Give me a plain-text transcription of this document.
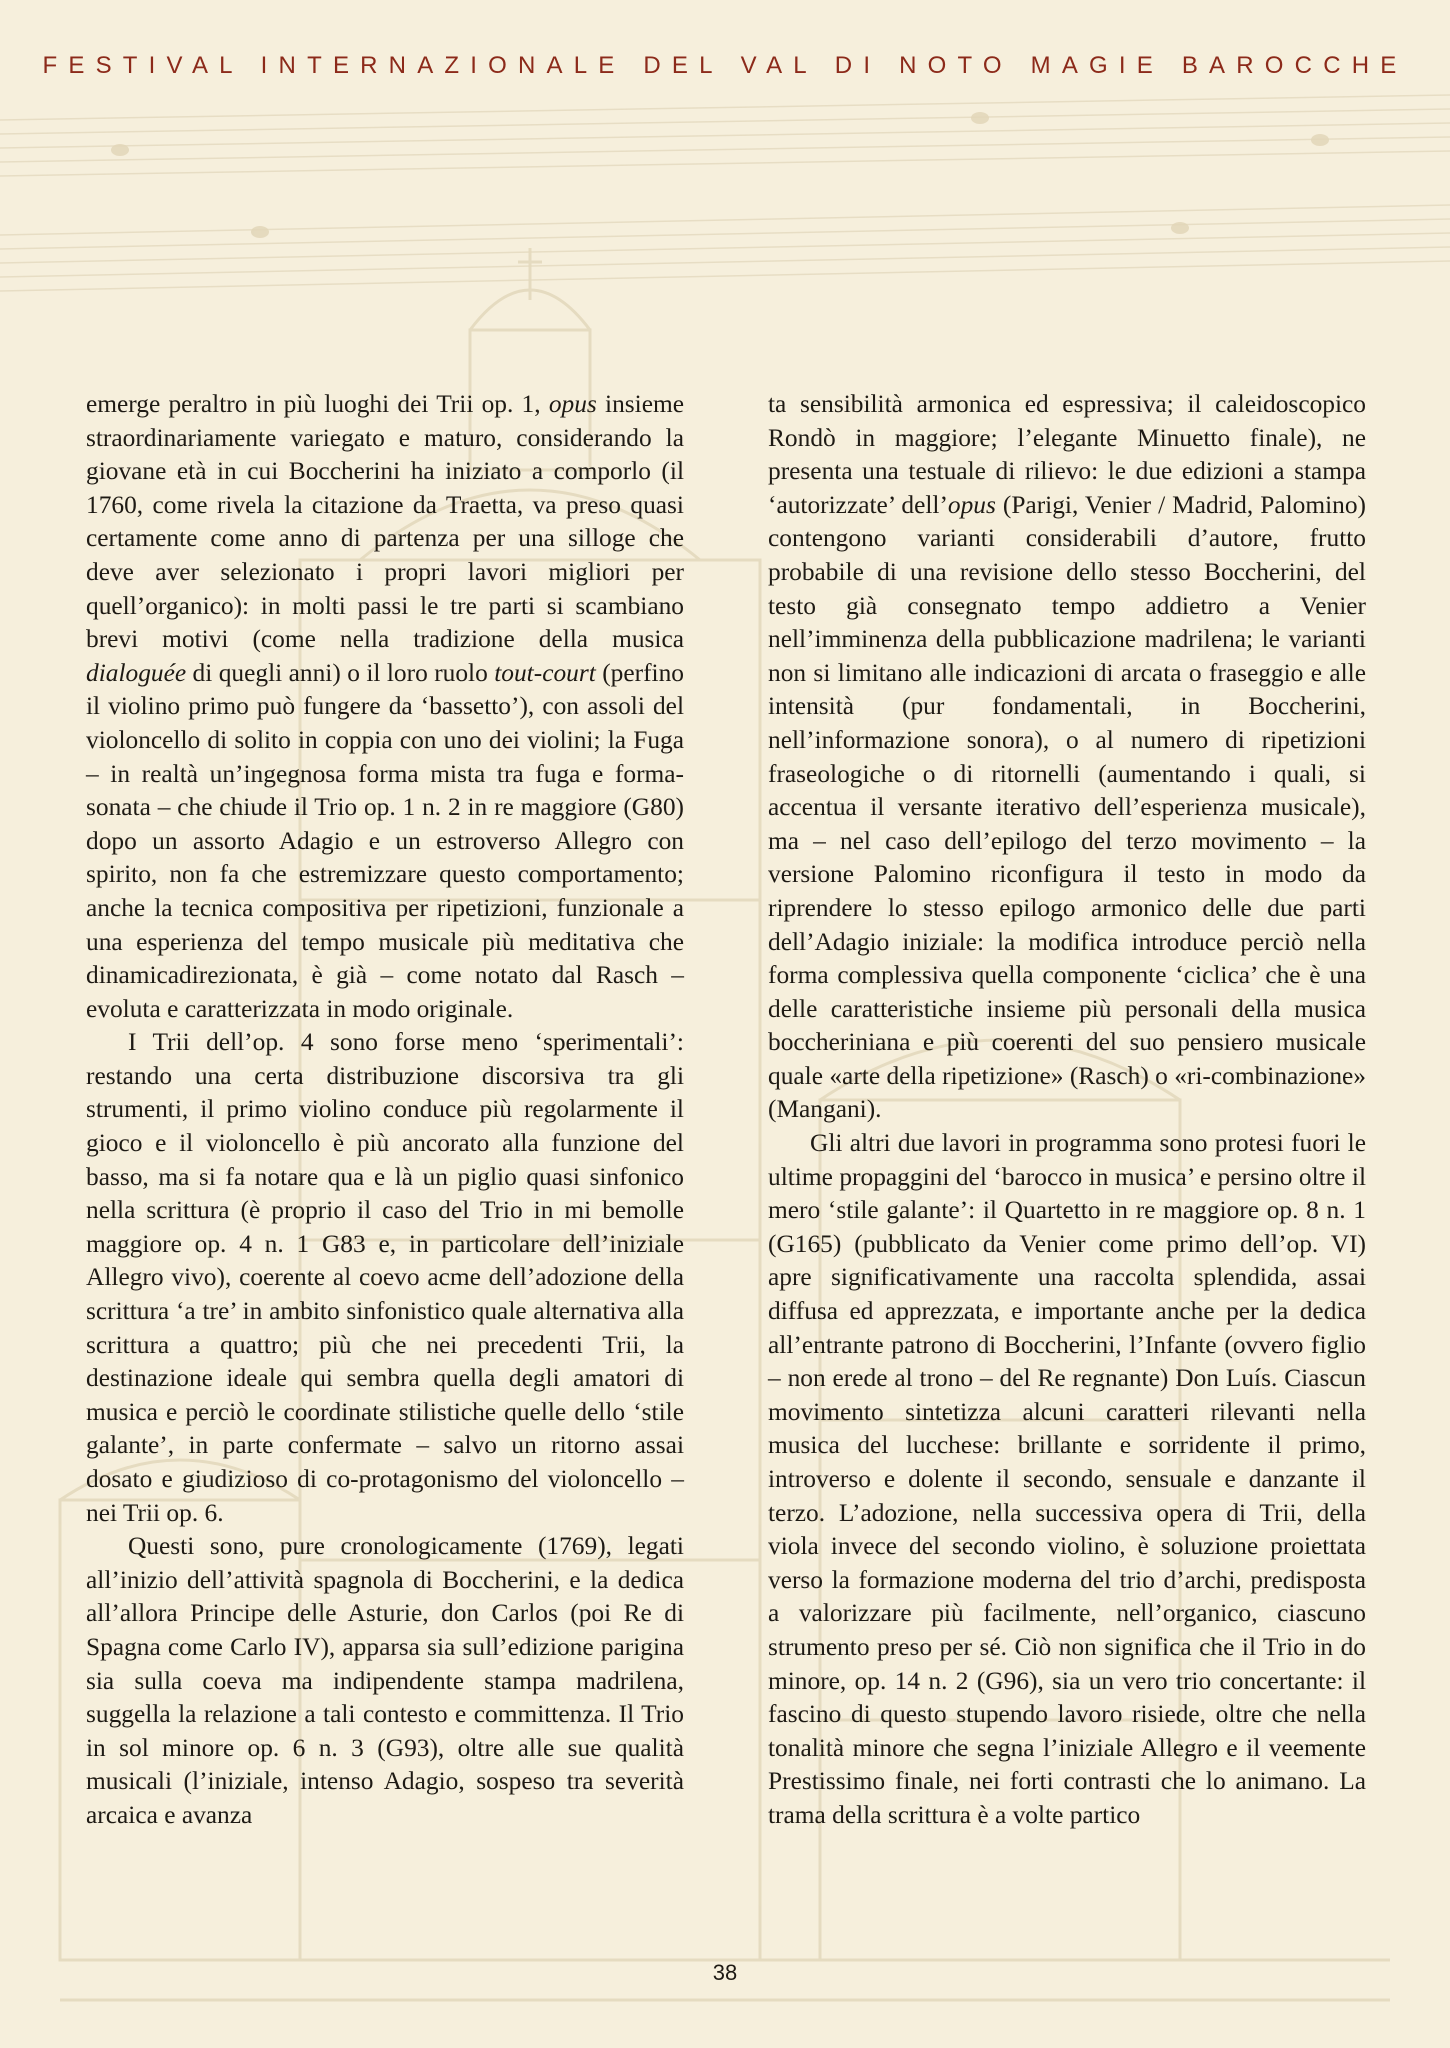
FESTIVAL INTERNAZIONALE DEL VAL DI NOTO MAGIE BAROCCHE

emerge peraltro in più luoghi dei Trii op. 1, opus insieme straordinariamente variegato e maturo, considerando la giovane età in cui Boccherini ha iniziato a comporlo (il 1760, come rivela la citazione da Traetta, va preso quasi certamente come anno di partenza per una silloge che deve aver selezionato i propri lavori migliori per quell’organico): in molti passi le tre parti si scambiano brevi motivi (come nella tradizione della musica dialoguée di quegli anni) o il loro ruolo tout-court (perfino il violino primo può fungere da ‘bassetto’), con assoli del violoncello di solito in coppia con uno dei violini; la Fuga – in realtà un’ingegnosa forma mista tra fuga e forma-sonata – che chiude il Trio op. 1 n. 2 in re maggiore (G80) dopo un assorto Adagio e un estroverso Allegro con spirito, non fa che estremizzare questo comportamento; anche la tecnica compositiva per ripetizioni, funzionale a una esperienza del tempo musicale più meditativa che dinamicadirezionata, è già – come notato dal Rasch – evoluta e caratterizzata in modo originale.

I Trii dell’op. 4 sono forse meno ‘sperimentali’: restando una certa distribuzione discorsiva tra gli strumenti, il primo violino conduce più regolarmente il gioco e il violoncello è più ancorato alla funzione del basso, ma si fa notare qua e là un piglio quasi sinfonico nella scrittura (è proprio il caso del Trio in mi bemolle maggiore op. 4 n. 1 G83 e, in particolare dell’iniziale Allegro vivo), coerente al coevo acme dell’adozione della scrittura ‘a tre’ in ambito sinfonistico quale alternativa alla scrittura a quattro; più che nei precedenti Trii, la destinazione ideale qui sembra quella degli amatori di musica e perciò le coordinate stilistiche quelle dello ‘stile galante’, in parte confermate – salvo un ritorno assai dosato e giudizioso di co-protagonismo del violoncello – nei Trii op. 6.

Questi sono, pure cronologicamente (1769), legati all’inizio dell’attività spagnola di Boccherini, e la dedica all’allora Principe delle Asturie, don Carlos (poi Re di Spagna come Carlo IV), apparsa sia sull’edizione parigina sia sulla coeva ma indipendente stampa madrilena, suggella la relazione a tali contesto e committenza. Il Trio in sol minore op. 6 n. 3 (G93), oltre alle sue qualità musicali (l’iniziale, intenso Adagio, sospeso tra severità arcaica e avanza

ta sensibilità armonica ed espressiva; il caleidoscopico Rondò in maggiore; l’elegante Minuetto finale), ne presenta una testuale di rilievo: le due edizioni a stampa ‘autorizzate’ dell’opus (Parigi, Venier / Madrid, Palomino) contengono varianti considerabili d’autore, frutto probabile di una revisione dello stesso Boccherini, del testo già consegnato tempo addietro a Venier nell’imminenza della pubblicazione madrilena; le varianti non si limitano alle indicazioni di arcata o fraseggio e alle intensità (pur fondamentali, in Boccherini, nell’informazione sonora), o al numero di ripetizioni fraseologiche o di ritornelli (aumentando i quali, si accentua il versante iterativo dell’esperienza musicale), ma – nel caso dell’epilogo del terzo movimento – la versione Palomino riconfigura il testo in modo da riprendere lo stesso epilogo armonico delle due parti dell’Adagio iniziale: la modifica introduce perciò nella forma complessiva quella componente ‘ciclica’ che è una delle caratteristiche insieme più personali della musica boccheriniana e più coerenti del suo pensiero musicale quale «arte della ripetizione» (Rasch) o «ri-combinazione» (Mangani).

Gli altri due lavori in programma sono protesi fuori le ultime propaggini del ‘barocco in musica’ e persino oltre il mero ‘stile galante’: il Quartetto in re maggiore op. 8 n. 1 (G165) (pubblicato da Venier come primo dell’op. VI) apre significativamente una raccolta splendida, assai diffusa ed apprezzata, e importante anche per la dedica all’entrante patrono di Boccherini, l’Infante (ovvero figlio – non erede al trono – del Re regnante) Don Luís. Ciascun movimento sintetizza alcuni caratteri rilevanti nella musica del lucchese: brillante e sorridente il primo, introverso e dolente il secondo, sensuale e danzante il terzo. L’adozione, nella successiva opera di Trii, della viola invece del secondo violino, è soluzione proiettata verso la formazione moderna del trio d’archi, predisposta a valorizzare più facilmente, nell’organico, ciascuno strumento preso per sé. Ciò non significa che il Trio in do minore, op. 14 n. 2 (G96), sia un vero trio concertante: il fascino di questo stupendo lavoro risiede, oltre che nella tonalità minore che segna l’iniziale Allegro e il veemente Prestissimo finale, nei forti contrasti che lo animano. La trama della scrittura è a volte partico

38
